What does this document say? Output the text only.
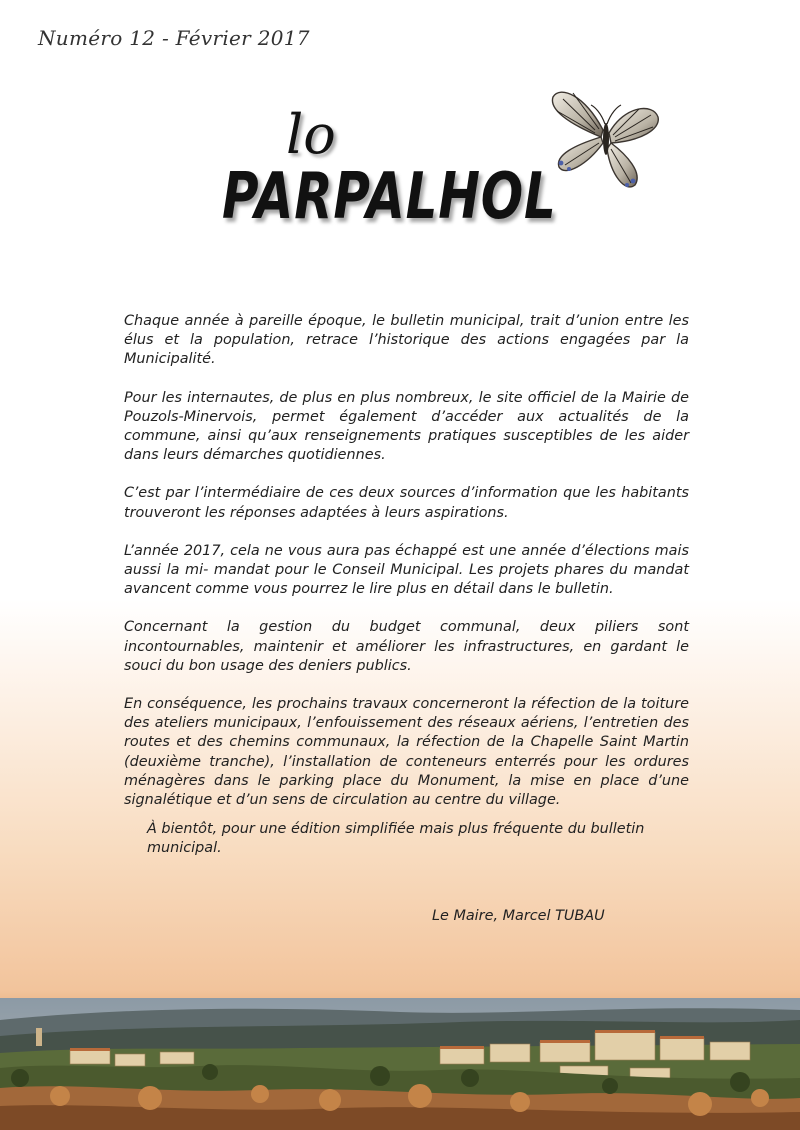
Numéro 12 - Février 2017
lo
PARPALHOL

Chaque année à pareille époque, le bulletin municipal, trait d’union entre les élus et la population, retrace l’historique des actions engagées par la Municipalité.

Pour les internautes, de plus en plus nombreux, le site officiel de la Mairie de Pouzols-Minervois, permet également d’accéder aux actualités de la commune, ainsi qu’aux renseignements pratiques susceptibles de les aider dans leurs démarches quotidiennes.

C’est par l’intermédiaire de ces deux sources d’information que les habitants trouveront les réponses adaptées à leurs aspirations.

L’année 2017, cela ne vous aura pas échappé est une année d’élections mais aussi la mi- mandat pour le Conseil Municipal. Les projets phares du mandat avancent comme vous pourrez le lire plus en détail dans le bulletin.

Concernant la gestion du budget communal, deux piliers sont incontournables, maintenir et améliorer les infrastructures, en gardant le souci du bon usage des deniers publics.

En conséquence, les prochains travaux concerneront la réfection de la toiture des ateliers municipaux, l’enfouissement des réseaux aériens, l’entretien des routes et des chemins communaux, la réfection de la Chapelle Saint Martin (deuxième tranche), l’installation de conteneurs enterrés pour les ordures ménagères dans le parking place du Monument, la mise en place d’une signalétique et d’un sens de circulation au centre du village.

À bientôt, pour une édition simplifiée mais plus fréquente du bulletin municipal.

Le Maire, Marcel TUBAU
